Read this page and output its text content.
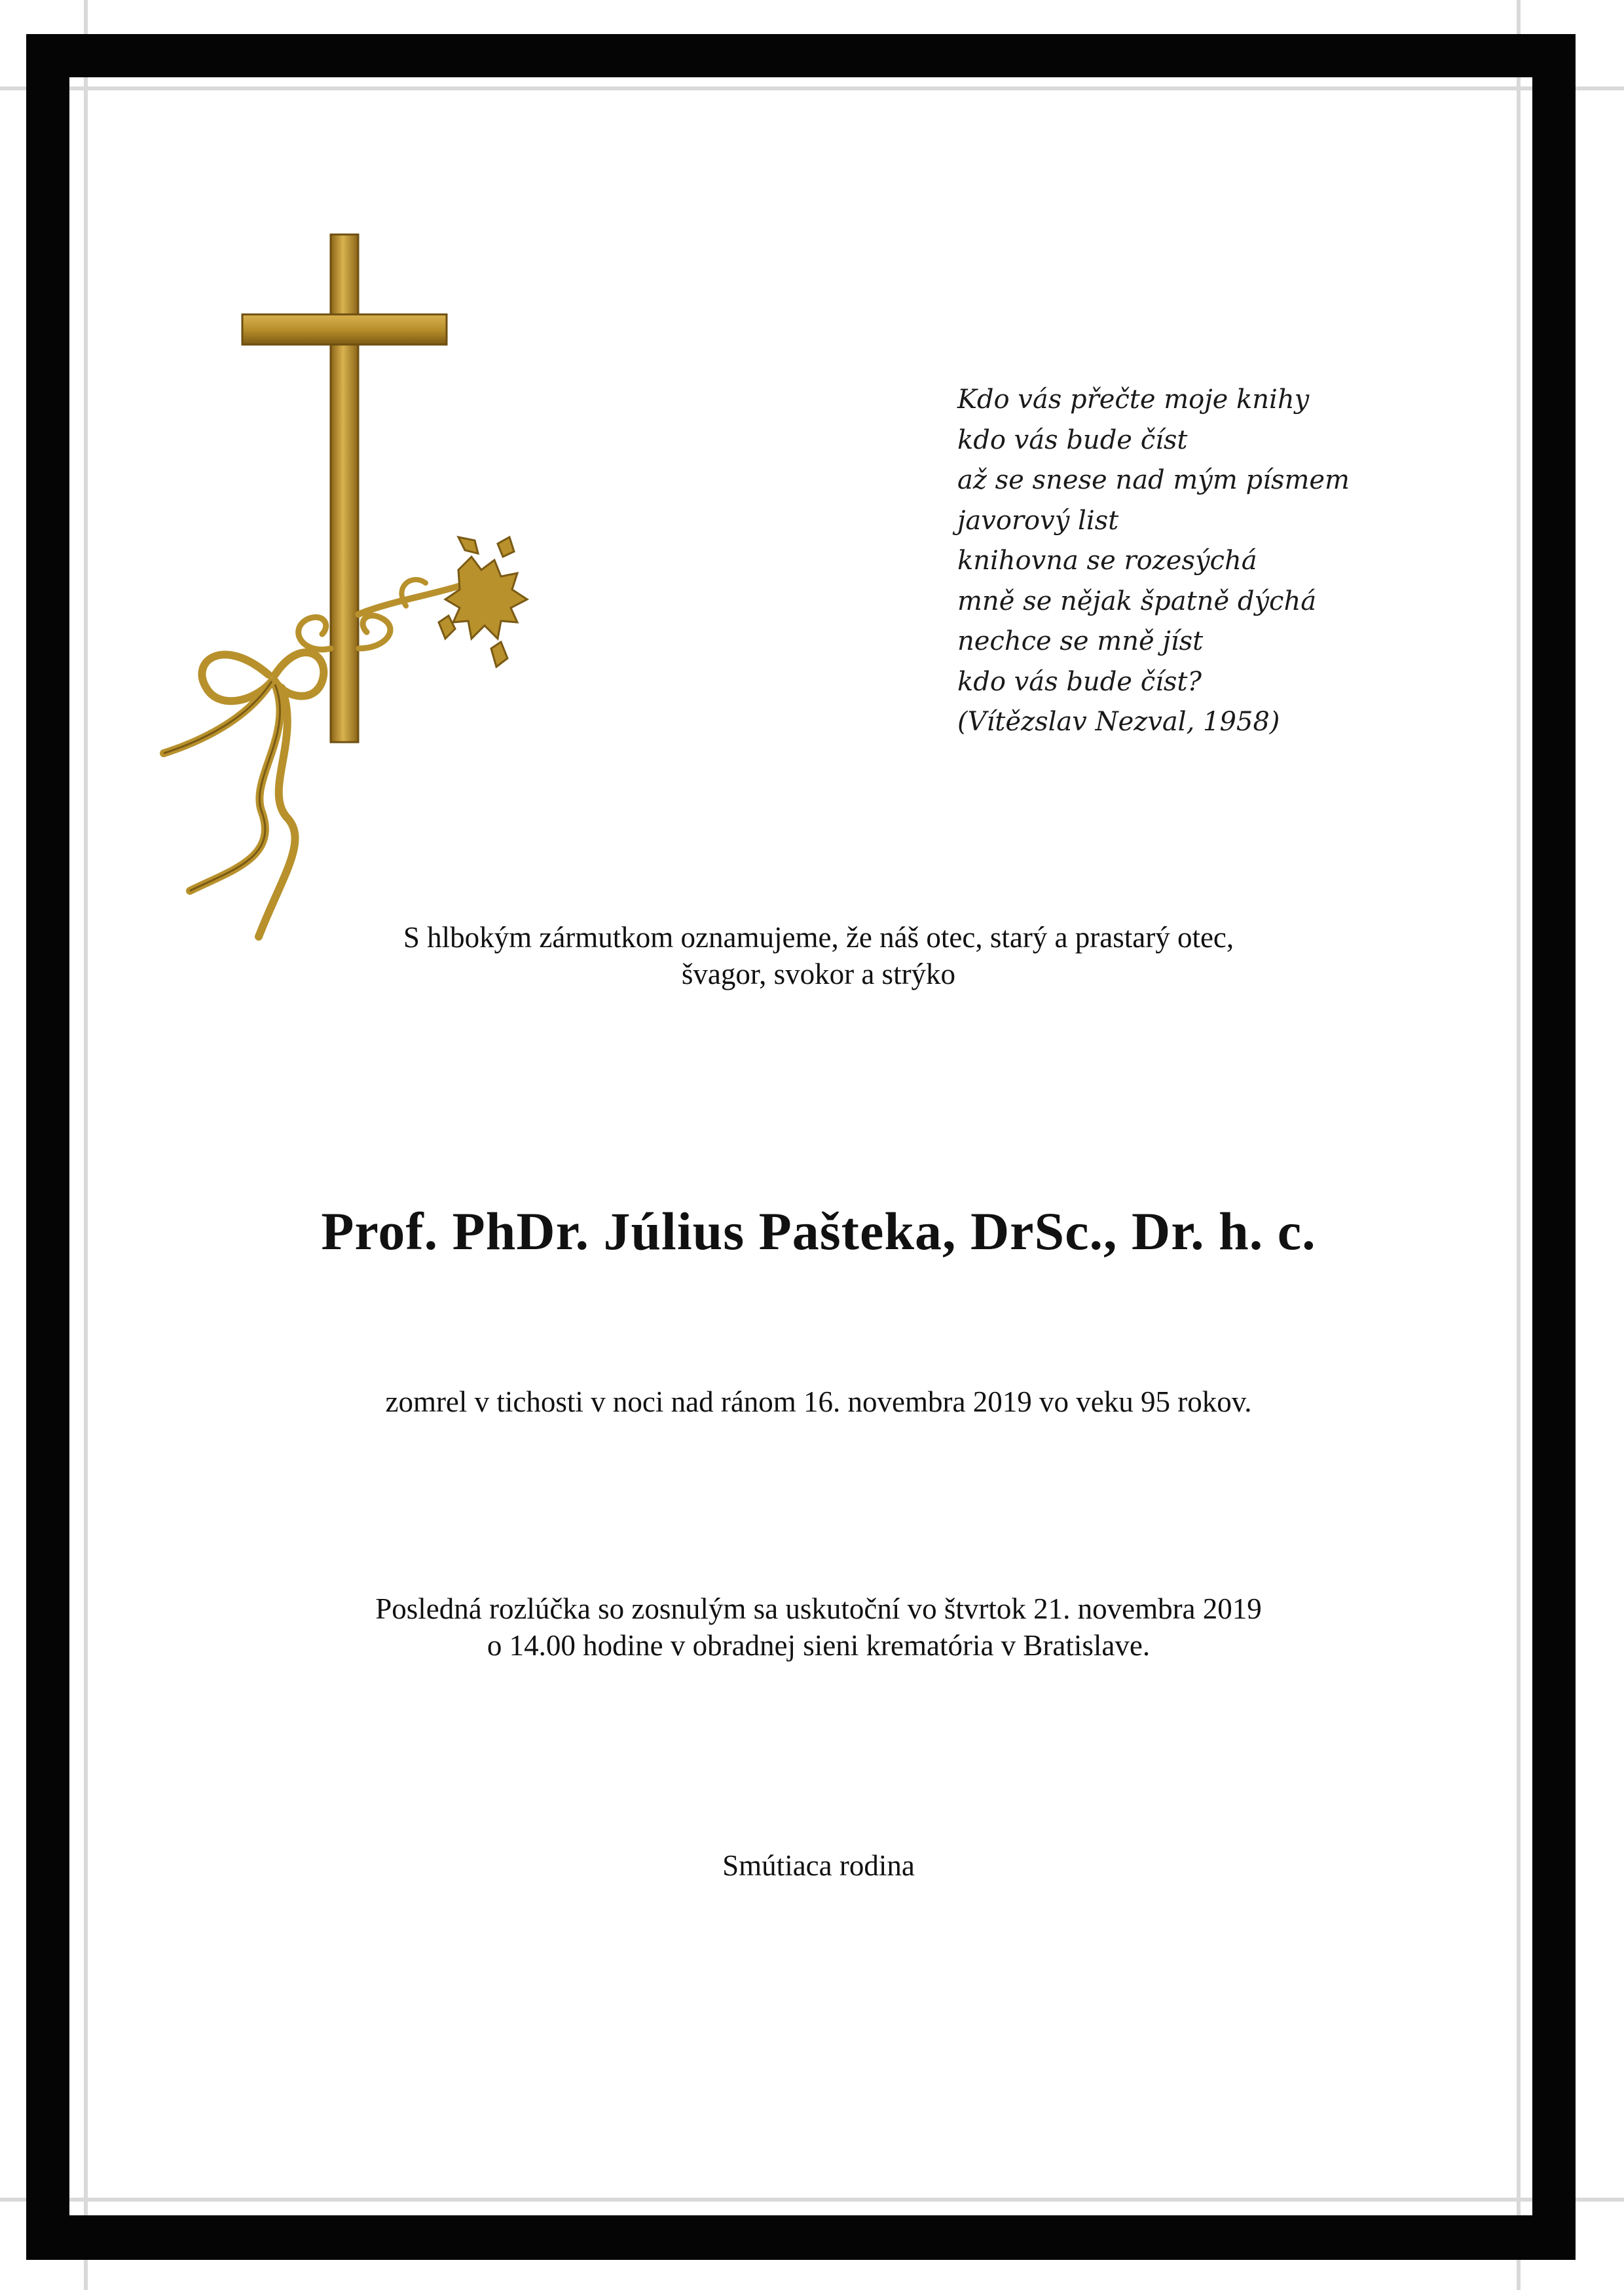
Kdo vás přečte moje knihy
kdo vás bude číst
až se snese nad mým písmem
javorový list
knihovna se rozesýchá
mně se nějak špatně dýchá
nechce se mně jíst
kdo vás bude číst?
(Vítězslav Nezval, 1958)
S hlbokým zármutkom oznamujeme, že náš otec, starý a prastarý otec,
švagor, svokor a strýko
Prof. PhDr. Július Pašteka, DrSc., Dr. h. c.
zomrel v tichosti v noci nad ránom 16. novembra 2019 vo veku 95 rokov.
Posledná rozlúčka so zosnulým sa uskutoční vo štvrtok 21. novembra 2019
o 14.00 hodine v obradnej sieni krematória v Bratislave.
Smútiaca rodina
